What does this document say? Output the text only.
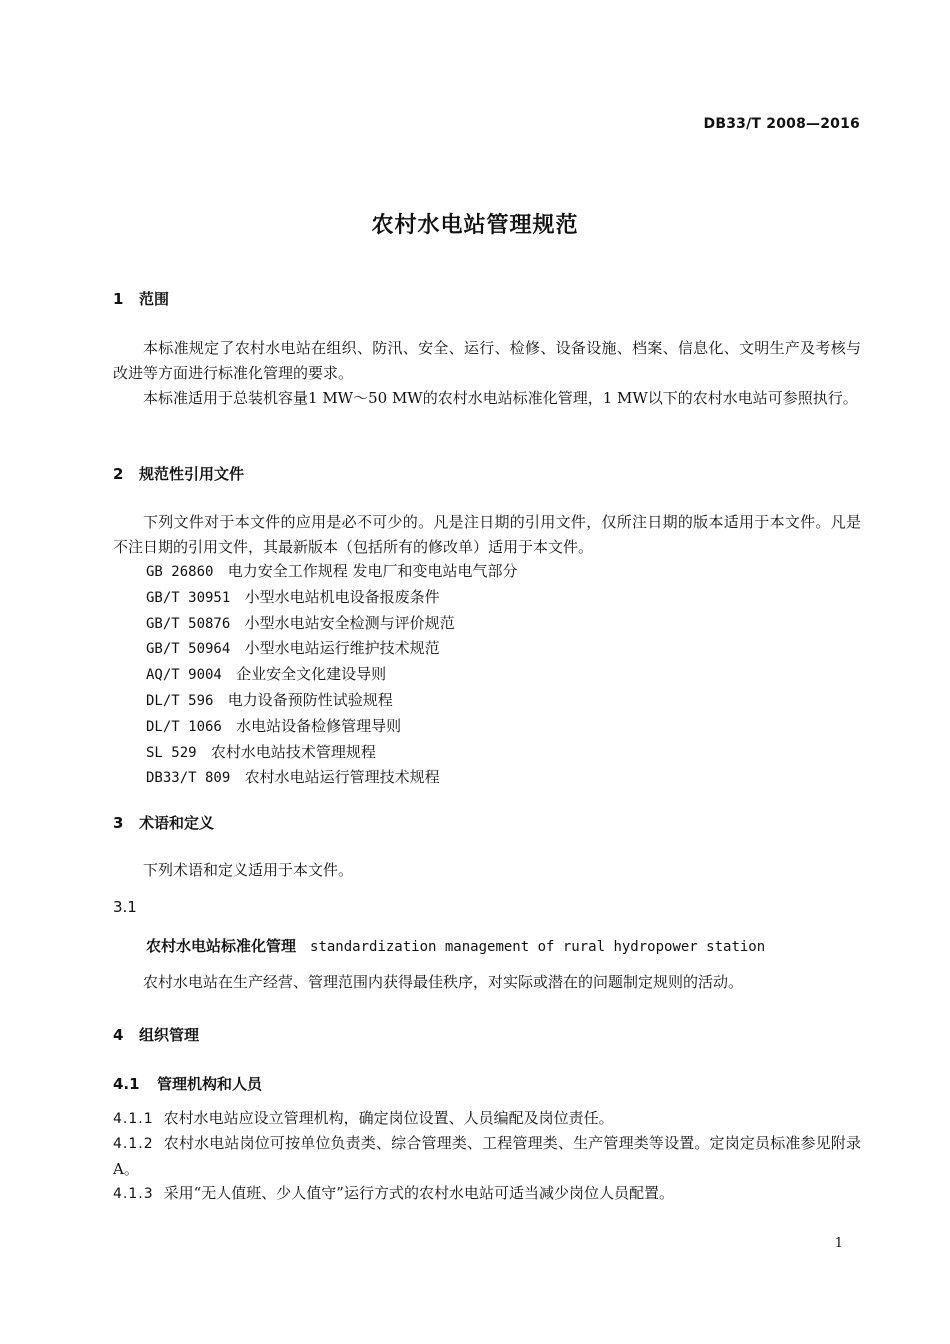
DB33/T 2008—2016
农村水电站管理规范
1 范围
本标准规定了农村水电站在组织、防汛、安全、运行、检修、设备设施、档案、信息化、文明生产及考核与改进等方面进行标准化管理的要求。
本标准适用于总装机容量1 MW～50 MW的农村水电站标准化管理，1 MW以下的农村水电站可参照执行。
2 规范性引用文件
下列文件对于本文件的应用是必不可少的。凡是注日期的引用文件，仅所注日期的版本适用于本文件。凡是不注日期的引用文件，其最新版本（包括所有的修改单）适用于本文件。
GB 26860 电力安全工作规程 发电厂和变电站电气部分
GB/T 30951 小型水电站机电设备报废条件
GB/T 50876 小型水电站安全检测与评价规范
GB/T 50964 小型水电站运行维护技术规范
AQ/T 9004 企业安全文化建设导则
DL/T 596 电力设备预防性试验规程
DL/T 1066 水电站设备检修管理导则
SL 529 农村水电站技术管理规程
DB33/T 809 农村水电站运行管理技术规程
3 术语和定义
下列术语和定义适用于本文件。
3.1
农村水电站标准化管理 standardization management of rural hydropower station
农村水电站在生产经营、管理范围内获得最佳秩序，对实际或潜在的问题制定规则的活动。
4 组织管理
4.1 管理机构和人员
4.1.1 农村水电站应设立管理机构，确定岗位设置、人员编配及岗位责任。
4.1.2 农村水电站岗位可按单位负责类、综合管理类、工程管理类、生产管理类等设置。定岗定员标准参见附录A。
4.1.3 采用“无人值班、少人值守”运行方式的农村水电站可适当减少岗位人员配置。
1
